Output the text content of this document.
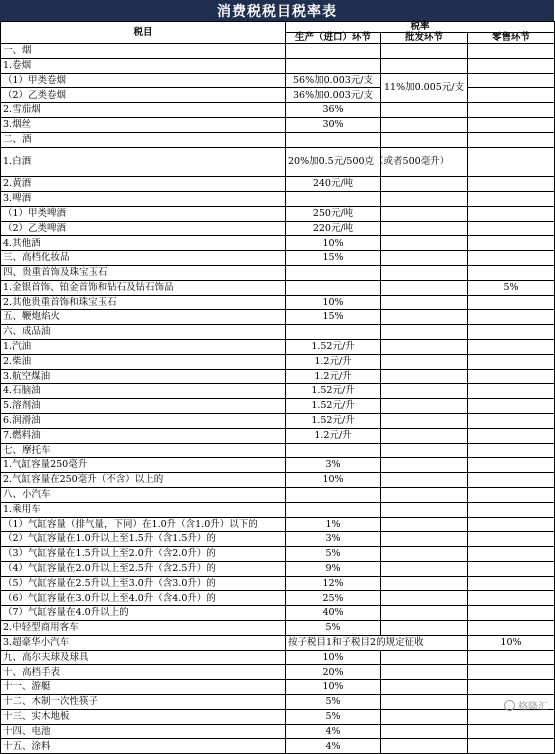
消费税税目税率表
税目	税率		
	生产（进口）环节	批发环节	零售环节
一、烟			
1.卷烟			
（1）甲类卷烟	56%加0.003元/支	11%加0.005元/支	
（2）乙类卷烟	36%加0.003元/支		
2.雪茄烟	36%		
3.烟丝	30%		
二、酒			
1.白酒	20%加0.5元/500克（或者500毫升）		
2.黄酒	240元/吨		
3.啤酒			
（1）甲类啤酒	250元/吨		
（2）乙类啤酒	220元/吨		
4.其他酒	10%		
三、高档化妆品	15%		
四、贵重首饰及珠宝玉石			
1.金银首饰、铂金首饰和钻石及钻石饰品			5%
2.其他贵重首饰和珠宝玉石	10%		
五、鞭炮焰火	15%		
六、成品油			
1.汽油	1.52元/升		
2.柴油	1.2元/升		
3.航空煤油	1.2元/升		
4.石脑油	1.52元/升		
5.溶剂油	1.52元/升		
6.润滑油	1.52元/升		
7.燃料油	1.2元/升		
七、摩托车			
1.气缸容量250毫升	3%		
2.气缸容量在250毫升（不含）以上的	10%		
八、小汽车			
1.乘用车			
（1）气缸容量（排气量，下同）在1.0升（含1.0升）以下的	1%		
（2）气缸容量在1.0升以上至1.5升（含1.5升）的	3%		
（3）气缸容量在1.5升以上至2.0升（含2.0升）的	5%		
（4）气缸容量在2.0升以上至2.5升（含2.5升）的	9%		
（5）气缸容量在2.5升以上至3.0升（含3.0升）的	12%		
（6）气缸容量在3.0升以上至4.0升（含4.0升）的	25%		
（7）气缸容量在4.0升以上的	40%		
2.中轻型商用客车	5%		
3.超豪华小汽车	按子税目1和子税目2的规定征收		10%
九、高尔夫球及球具	10%		
十、高档手表	20%		
十一、游艇	10%		
十二、木制一次性筷子	5%		
十三、实木地板	5%		
十四、电池	4%		
十五、涂料	4%		
格隆汇
